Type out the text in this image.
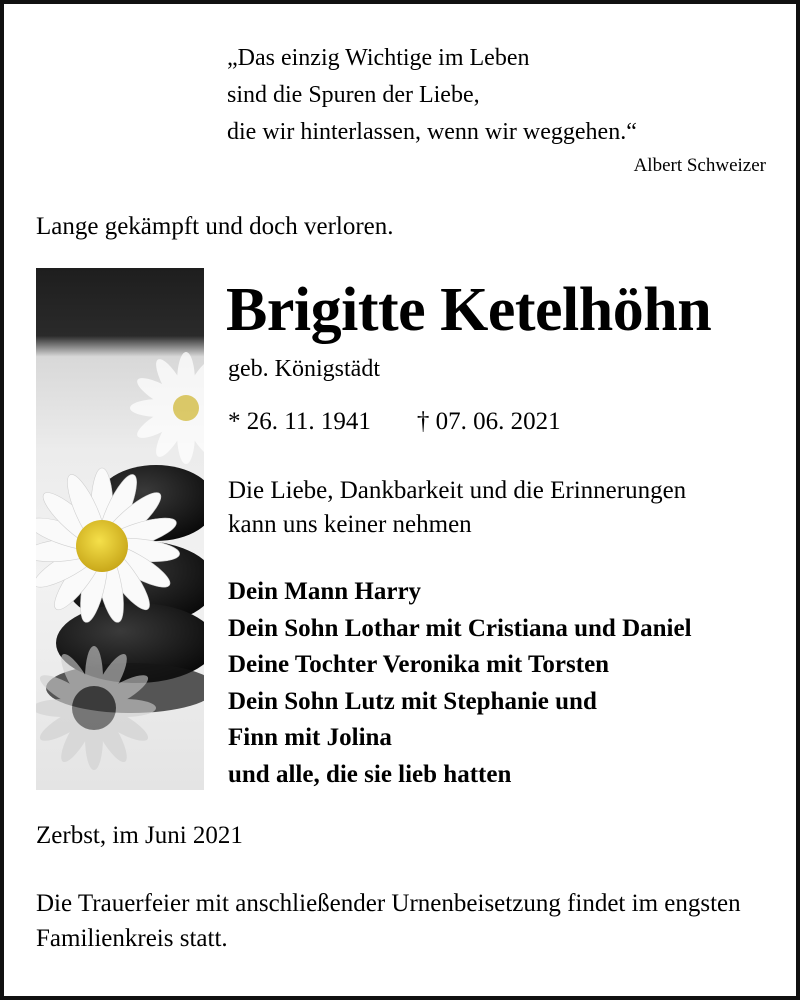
„Das einzig Wichtige im Leben
sind die Spuren der Liebe,
die wir hinterlassen, wenn wir weggehen.“
Albert Schweizer
Lange gekämpft und doch verloren.
Brigitte Ketelhöhn
geb. Königstädt
* 26. 11. 1941 † 07. 06. 2021
Die Liebe, Dankbarkeit und die Erinnerungen
kann uns keiner nehmen
Dein Mann Harry
Dein Sohn Lothar mit Cristiana und Daniel
Deine Tochter Veronika mit Torsten
Dein Sohn Lutz mit Stephanie und
Finn mit Jolina
und alle, die sie lieb hatten
Zerbst, im Juni 2021
Die Trauerfeier mit anschließender Urnenbeisetzung findet im engsten Familienkreis statt.
